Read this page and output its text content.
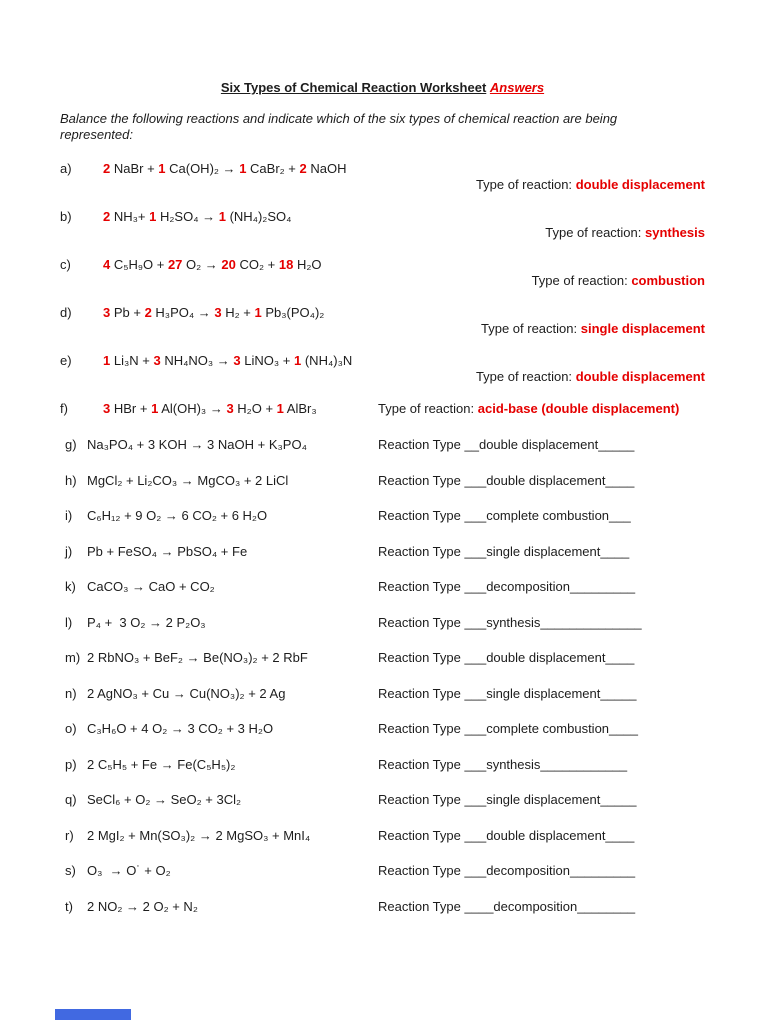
Six Types of Chemical Reaction Worksheet Answers

Balance the following reactions and indicate which of the six types of chemical reaction are being
represented:

a)	2 NaBr + 1 Ca(OH)₂ → 1 CaBr₂ + 2 NaOH
Type of reaction: double displacement
b)	2 NH₃+ 1 H₂SO₄ → 1 (NH₄)₂SO₄
Type of reaction: synthesis
c)	4 C₅H₉O + 27 O₂ → 20 CO₂ + 18 H₂O
Type of reaction: combustion
d)	3 Pb + 2 H₃PO₄ → 3 H₂ + 1 Pb₃(PO₄)₂
Type of reaction: single displacement
e)	1 Li₃N + 3 NH₄NO₃ → 3 LiNO₃ + 1 (NH₄)₃N
Type of reaction: double displacement
f)	3 HBr + 1 Al(OH)₃ → 3 H₂O + 1 AlBr₃	Type of reaction: acid-base (double displacement)
g) Na₃PO₄ + 3 KOH → 3 NaOH + K₃PO₄	Reaction Type __double displacement_____
h) MgCl₂ + Li₂CO₃ → MgCO₃ + 2 LiCl	Reaction Type ___double displacement____
i) C₆H₁₂ + 9 O₂ → 6 CO₂ + 6 H₂O	Reaction Type ___complete combustion___
j) Pb + FeSO₄ → PbSO₄ + Fe	Reaction Type ___single displacement____
k) CaCO₃ → CaO + CO₂	Reaction Type ___decomposition_________
l) P₄ +  3 O₂ → 2 P₂O₃	Reaction Type ___synthesis______________
m) 2 RbNO₃ + BeF₂ → Be(NO₃)₂ + 2 RbF	Reaction Type ___double displacement____
n) 2 AgNO₃ + Cu → Cu(NO₃)₂ + 2 Ag	Reaction Type ___single displacement_____
o) C₃H₆O + 4 O₂ → 3 CO₂ + 3 H₂O	Reaction Type ___complete combustion____
p) 2 C₅H₅ + Fe → Fe(C₅H₅)₂	Reaction Type ___synthesis____________
q) SeCl₆ + O₂ → SeO₂ + 3Cl₂	Reaction Type ___single displacement_____
r) 2 MgI₂ + Mn(SO₃)₂ → 2 MgSO₃ + MnI₄	Reaction Type ___double displacement____
s) O₃  → O˙ + O₂	Reaction Type ___decomposition_________
t) 2 NO₂ → 2 O₂ + N₂	Reaction Type ____decomposition________
